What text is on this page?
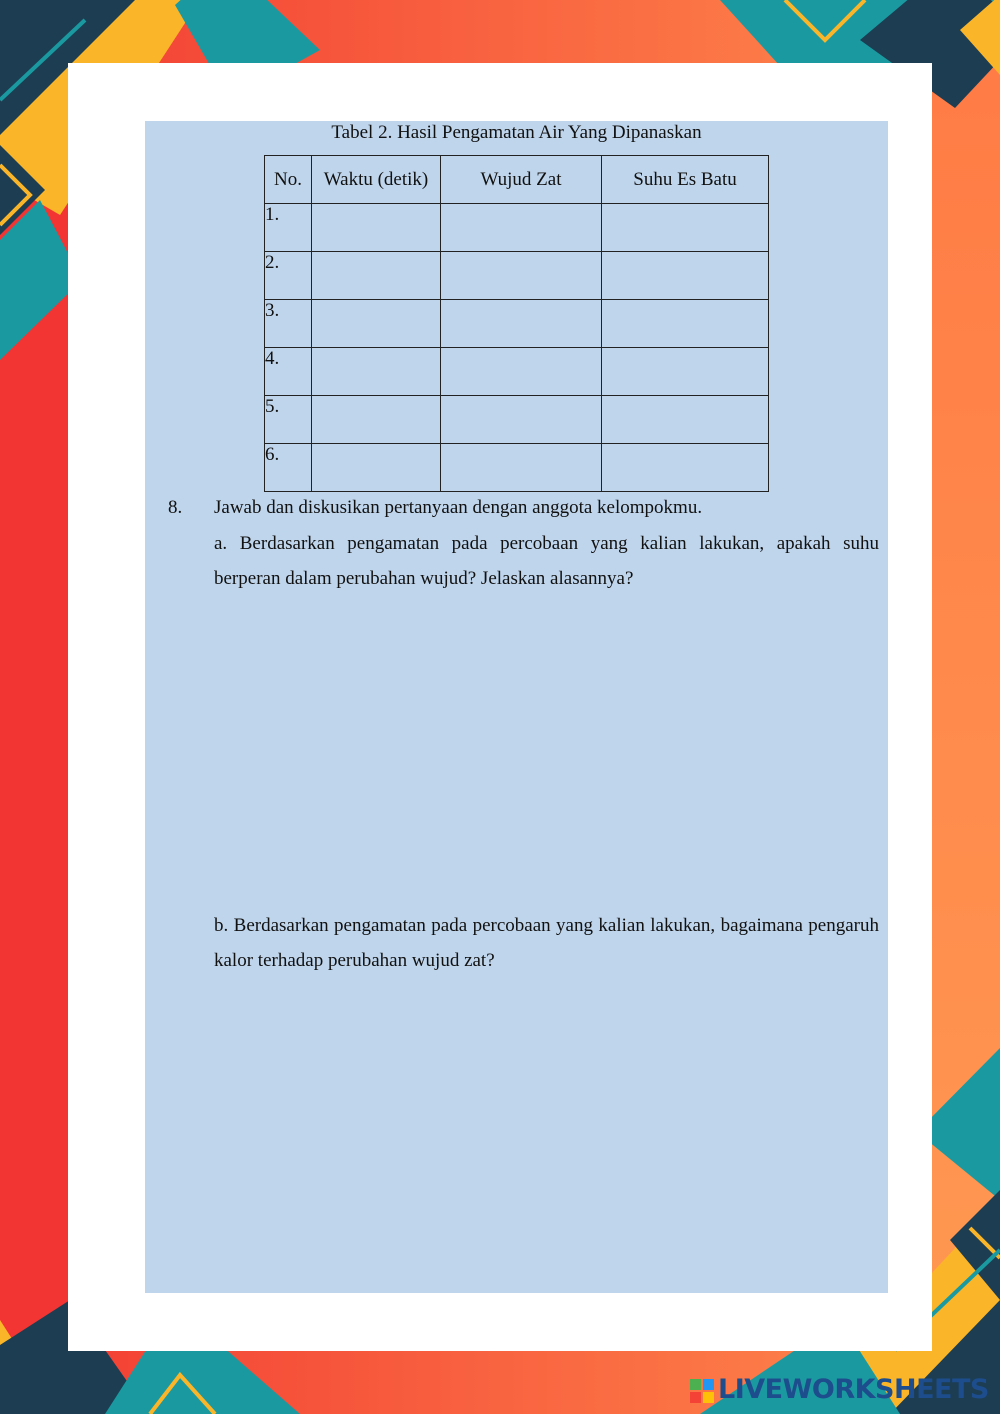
Tabel 2. Hasil Pengamatan Air Yang Dipanaskan
No.	Waktu (detik)	Wujud Zat	Suhu Es Batu
1.			
2.			
3.			
4.			
5.			
6.			
8. Jawab dan diskusikan pertanyaan dengan anggota kelompokmu.
a. Berdasarkan pengamatan pada percobaan yang kalian lakukan, apakah suhu berperan dalam perubahan wujud? Jelaskan alasannya?
b. Berdasarkan pengamatan pada percobaan yang kalian lakukan, bagaimana pengaruh kalor terhadap perubahan wujud zat?
LIVEWORKSHEETS
